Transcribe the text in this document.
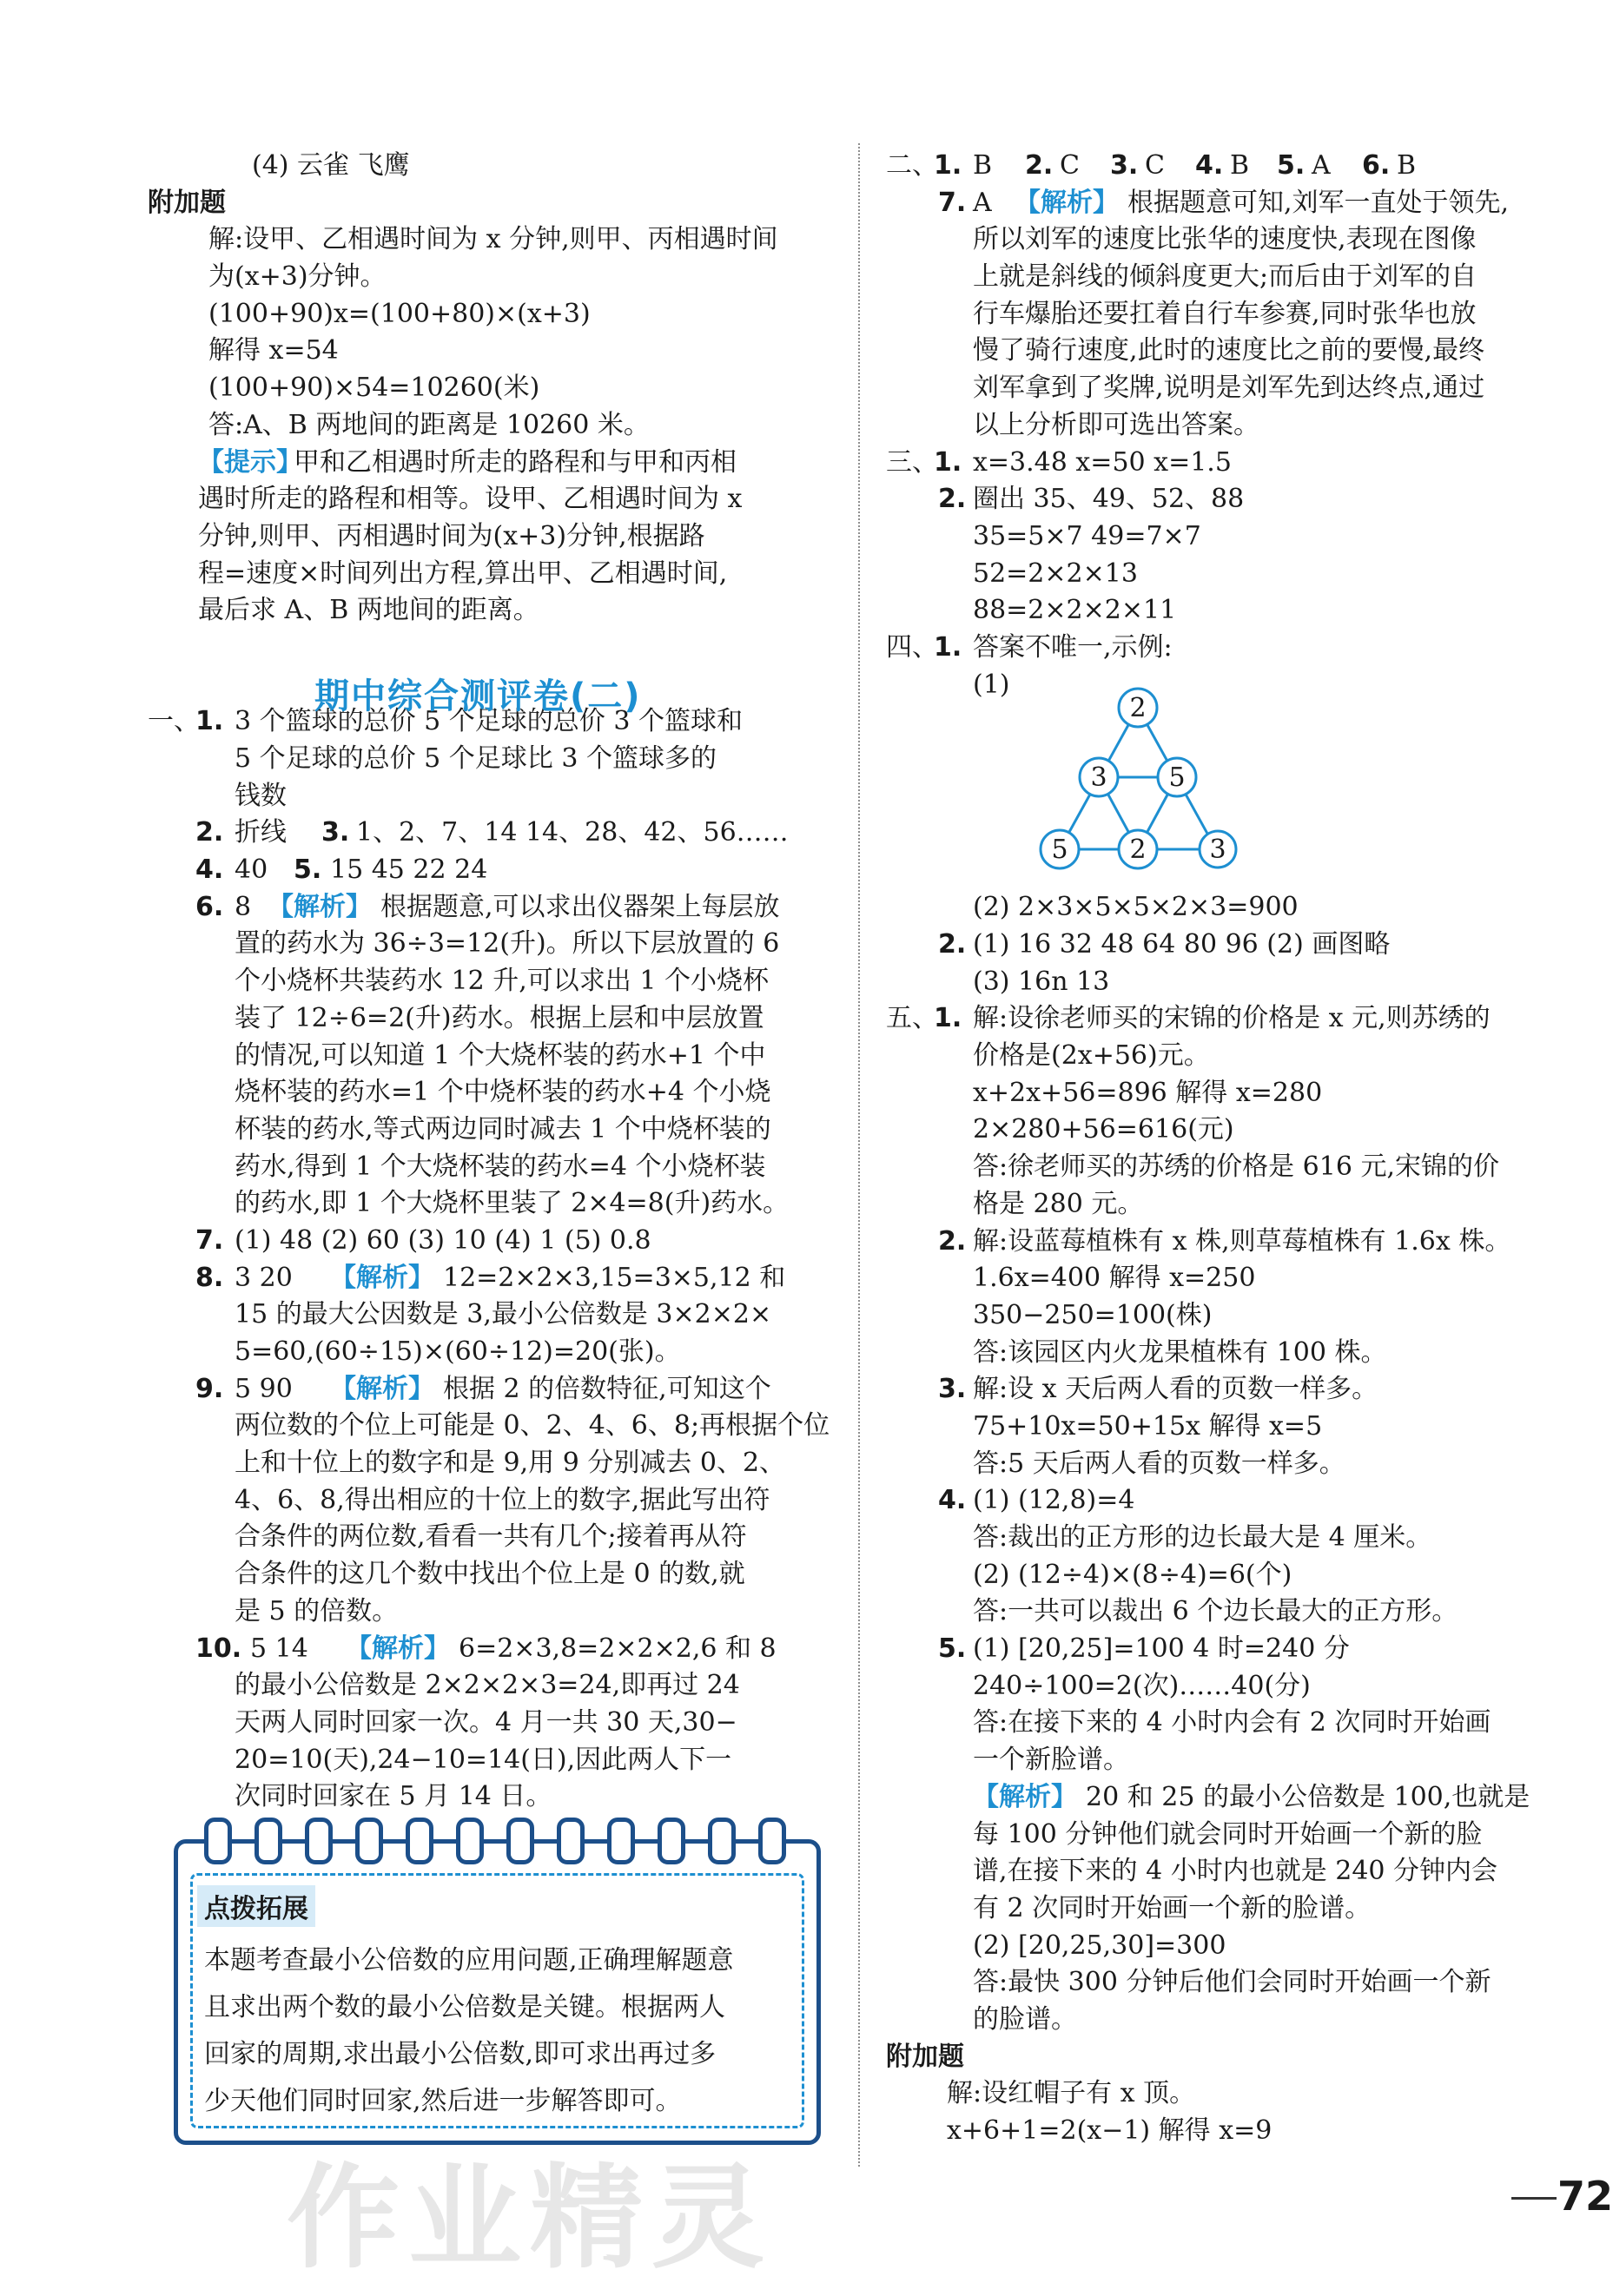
(4) 云雀 飞鹰
附加题
解:设甲、乙相遇时间为 x 分钟,则甲、丙相遇时间
为(x+3)分钟。
(100+90)x=(100+80)×(x+3)
解得 x=54
(100+90)×54=10260(米)
答:A、B 两地间的距离是 10260 米。
【提示】
甲和乙相遇时所走的路程和与甲和丙相
遇时所走的路程和相等。设甲、乙相遇时间为 x
分钟,则甲、丙相遇时间为(x+3)分钟,根据路
程=速度×时间列出方程,算出甲、乙相遇时间,
最后求 A、B 两地间的距离。
一、
1. 3 个篮球的总价 5 个足球的总价 3 个篮球和
5 个足球的总价 5 个足球比 3 个篮球多的
钱数
2. 折线 3. 1、2、7、14 14、28、42、56……
4. 40 5. 15 45 22 24
6. 8 【解析】 根据题意,可以求出仪器架上每层放
置的药水为 36÷3=12(升)。所以下层放置的 6
个小烧杯共装药水 12 升,可以求出 1 个小烧杯
装了 12÷6=2(升)药水。根据上层和中层放置
的情况,可以知道 1 个大烧杯装的药水+1 个中
烧杯装的药水=1 个中烧杯装的药水+4 个小烧
杯装的药水,等式两边同时减去 1 个中烧杯装的
药水,得到 1 个大烧杯装的药水=4 个小烧杯装
的药水,即 1 个大烧杯里装了 2×4=8(升)药水。
7. (1) 48 (2) 60 (3) 10 (4) 1 (5) 0.8
8. 3 20 【解析】 12=2×2×3,15=3×5,12 和
15 的最大公因数是 3,最小公倍数是 3×2×2×
5=60,(60÷15)×(60÷12)=20(张)。
9. 5 90 【解析】 根据 2 的倍数特征,可知这个
两位数的个位上可能是 0、2、4、6、8;再根据个位
上和十位上的数字和是 9,用 9 分别减去 0、2、
4、6、8,得出相应的十位上的数字,据此写出符
合条件的两位数,看看一共有几个;接着再从符
合条件的这几个数中找出个位上是 0 的数,就
是 5 的倍数。
10. 5 14 【解析】 6=2×3,8=2×2×2,6 和 8
的最小公倍数是 2×2×2×3=24,即再过 24
天两人同时回家一次。4 月一共 30 天,30−
20=10(天),24−10=14(日),因此两人下一
次同时回家在 5 月 14 日。
二、
1. B 2. C 3. C 4. B 5. A 6. B
7. A 【解析】 根据题意可知,刘军一直处于领先,
所以刘军的速度比张华的速度快,表现在图像
上就是斜线的倾斜度更大;而后由于刘军的自
行车爆胎还要扛着自行车参赛,同时张华也放
慢了骑行速度,此时的速度比之前的要慢,最终
刘军拿到了奖牌,说明是刘军先到达终点,通过
以上分析即可选出答案。
三、
1. x=3.48 x=50 x=1.5
2. 圈出 35、49、52、88
35=5×7 49=7×7
52=2×2×13
88=2×2×2×11
四、
1. 答案不唯一,示例:
(1)
(2) 2×3×5×5×2×3=900
2. (1) 16 32 48 64 80 96 (2) 画图略
(3) 16n 13
五、
1. 解:设徐老师买的宋锦的价格是 x 元,则苏绣的
价格是(2x+56)元。
x+2x+56=896 解得 x=280
2×280+56=616(元)
答:徐老师买的苏绣的价格是 616 元,宋锦的价
格是 280 元。
2. 解:设蓝莓植株有 x 株,则草莓植株有 1.6x 株。
1.6x=400 解得 x=250
350−250=100(株)
答:该园区内火龙果植株有 100 株。
3. 解:设 x 天后两人看的页数一样多。
75+10x=50+15x 解得 x=5
答:5 天后两人看的页数一样多。
4. (1) (12,8)=4
答:裁出的正方形的边长最大是 4 厘米。
(2) (12÷4)×(8÷4)=6(个)
答:一共可以裁出 6 个边长最大的正方形。
5. (1) [20,25]=100 4 时=240 分
240÷100=2(次)……40(分)
答:在接下来的 4 小时内会有 2 次同时开始画
一个新脸谱。
【解析】 20 和 25 的最小公倍数是 100,也就是
每 100 分钟他们就会同时开始画一个新的脸
谱,在接下来的 4 小时内也就是 240 分钟内会
有 2 次同时开始画一个新的脸谱。
(2) [20,25,30]=300
答:最快 300 分钟后他们会同时开始画一个新
的脸谱。
附加题
解:设红帽子有 x 顶。
x+6+1=2(x−1) 解得 x=9
期中综合测评卷(二)	2
3 5
5 2 3
点拨拓展
本题考查最小公倍数的应用问题,正确理解题意
且求出两个数的最小公倍数是关键。根据两人
回家的周期,求出最小公倍数,即可求出再过多
少天他们同时回家,然后进一步解答即可。
作业精灵	72
